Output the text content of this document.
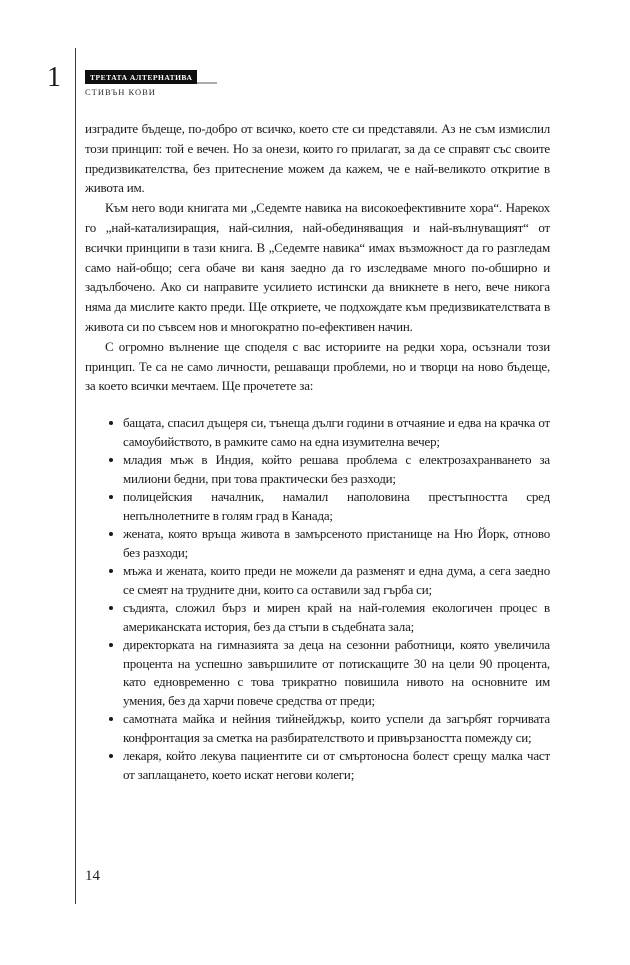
1	ТРЕТАТА АЛТЕРНАТИВА
СТИВЪН КОВИ

изградите бъдеще, по-добро от всичко, което сте си представяли. Аз не съм измислил този принцип: той е вечен. Но за онези, които го прилагат, за да се справят със своите предизвикателства, без притеснение можем да кажем, че е най-великото откритие в живота им.

Към него води книгата ми „Седемте навика на високоефективните хора“. Нарекох го „най-катализиращия, най-силния, най-обединяващия и най-вълнуващият“ от всички принципи в тази книга. В „Седемте навика“ имах възможност да го разгледам само най-общо; сега обаче ви каня заедно да го изследваме много по-обширно и задълбочено. Ако си направите усилието истински да вникнете в него, вече никога няма да мислите както преди. Ще откриете, че подхождате към предизвикателствата в живота си по съвсем нов и многократно по-ефективен начин.

С огромно вълнение ще споделя с вас историите на редки хора, осъзнали този принцип. Те са не само личности, решаващи проблеми, но и творци на ново бъдеще, за което всички мечтаем. Ще прочетете за:

бащата, спасил дъщеря си, тънеща дълги години в отчаяние и едва на крачка от самоубийството, в рамките само на една изумителна вечер;
младия мъж в Индия, който решава проблема с електрозахранването за милиони бедни, при това практически без разходи;
полицейския началник, намалил наполовина престъпността сред непълнолетните в голям град в Канада;
жената, която връща живота в замърсеното пристанище на Ню Йорк, отново без разходи;
мъжа и жената, които преди не можели да разменят и една дума, а сега заедно се смеят на трудните дни, които са оставили зад гърба си;
съдията, сложил бърз и мирен край на най-големия екологичен процес в американската история, без да стъпи в съдебната зала;
директорката на гимназията за деца на сезонни работници, която увеличила процента на успешно завършилите от потискащите 30 на цели 90 процента, като едновременно с това трикратно повишила нивото на основните им умения, без да харчи повече средства от преди;
самотната майка и нейния тийнейджър, които успели да загърбят горчивата конфронтация за сметка на разбирателството и привързаността помежду си;
лекаря, който лекува пациентите си от смъртоносна болест срещу малка част от заплащането, което искат негови колеги;
14
